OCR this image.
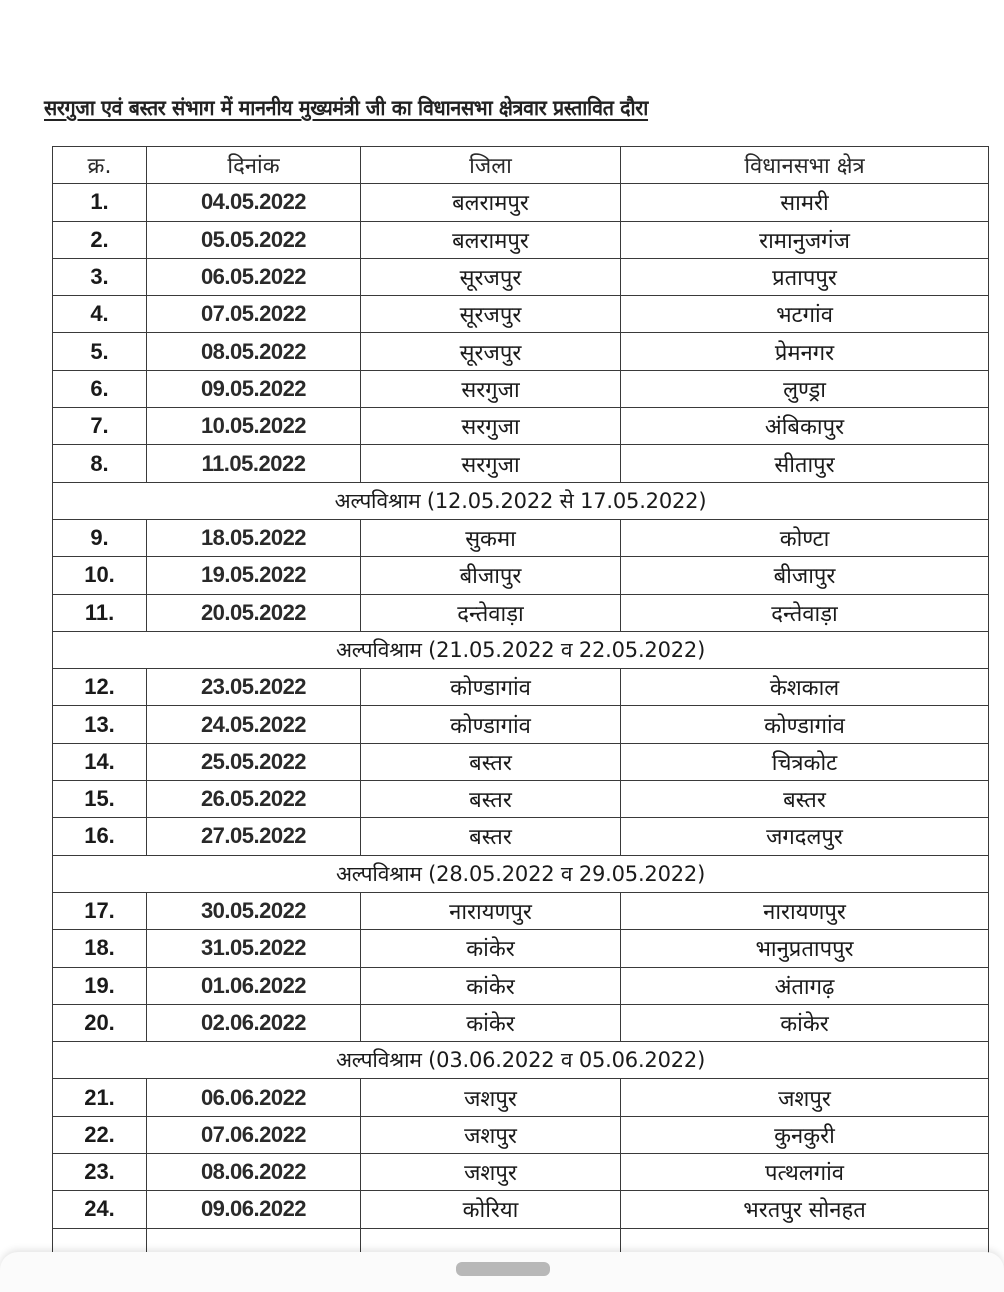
सरगुजा एवं बस्तर संभाग में माननीय मुख्यमंत्री जी का विधानसभा क्षेत्रवार प्रस्तावित दौरा
क्र.	दिनांक	जिला	विधानसभा क्षेत्र
1.	04.05.2022	बलरामपुर	सामरी
2.	05.05.2022	बलरामपुर	रामानुजगंज
3.	06.05.2022	सूरजपुर	प्रतापपुर
4.	07.05.2022	सूरजपुर	भटगांव
5.	08.05.2022	सूरजपुर	प्रेमनगर
6.	09.05.2022	सरगुजा	लुण्ड्रा
7.	10.05.2022	सरगुजा	अंबिकापुर
8.	11.05.2022	सरगुजा	सीतापुर
अल्पविश्राम (12.05.2022 से 17.05.2022)			
9.	18.05.2022	सुकमा	कोण्टा
10.	19.05.2022	बीजापुर	बीजापुर
11.	20.05.2022	दन्तेवाड़ा	दन्तेवाड़ा
अल्पविश्राम (21.05.2022 व 22.05.2022)			
12.	23.05.2022	कोण्डागांव	केशकाल
13.	24.05.2022	कोण्डागांव	कोण्डागांव
14.	25.05.2022	बस्तर	चित्रकोट
15.	26.05.2022	बस्तर	बस्तर
16.	27.05.2022	बस्तर	जगदलपुर
अल्पविश्राम (28.05.2022 व 29.05.2022)			
17.	30.05.2022	नारायणपुर	नारायणपुर
18.	31.05.2022	कांकेर	भानुप्रतापपुर
19.	01.06.2022	कांकेर	अंतागढ़
20.	02.06.2022	कांकेर	कांकेर
अल्पविश्राम (03.06.2022 व 05.06.2022)			
21.	06.06.2022	जशपुर	जशपुर
22.	07.06.2022	जशपुर	कुनकुरी
23.	08.06.2022	जशपुर	पत्थलगांव
24.	09.06.2022	कोरिया	भरतपुर सोनहत
